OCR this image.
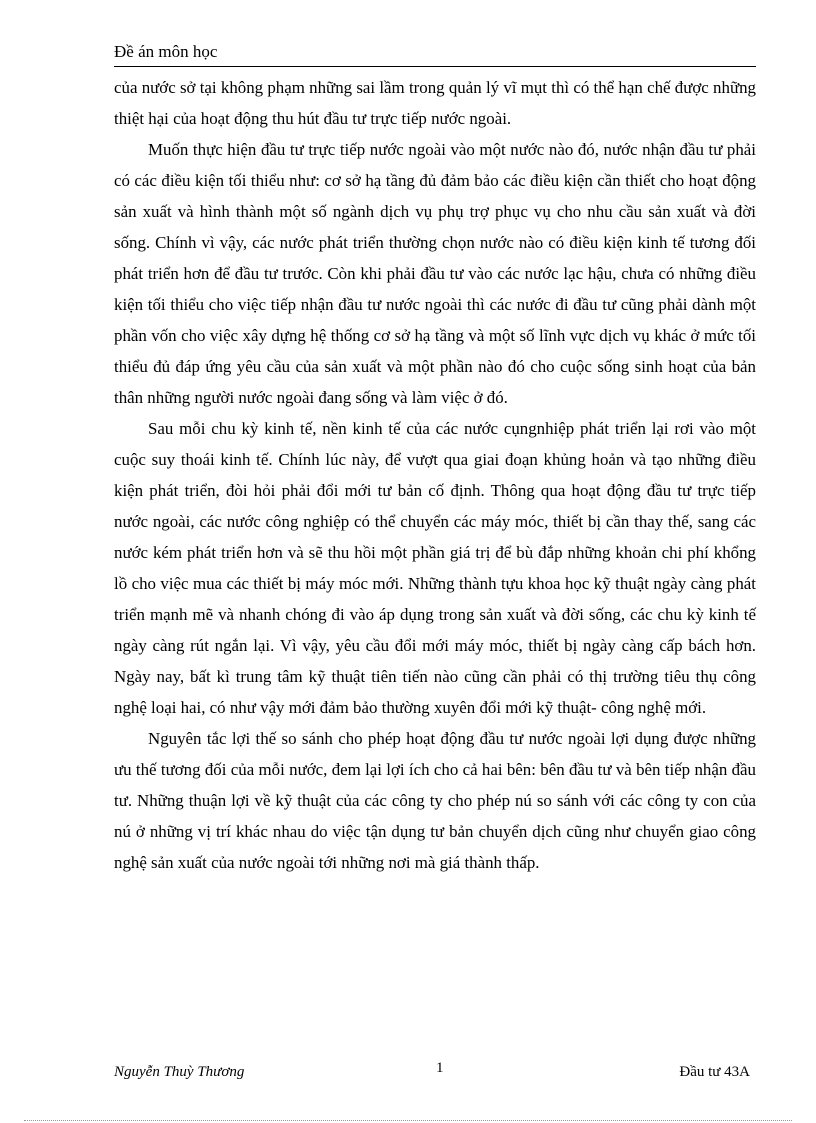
Đề án môn học

của nước sở tại không phạm những sai lầm trong quản lý vĩ mụt thì có thể hạn chế được những thiệt hại của hoạt động thu hút đầu tư trực tiếp nước ngoài.

Muốn thực hiện đầu tư trực tiếp nước ngoài vào một nước nào đó, nước nhận đầu tư phải có các điều kiện tối thiểu như: cơ sở hạ tầng đủ đảm bảo các điều kiện cần thiết cho hoạt động sản xuất và hình thành một số ngành dịch vụ phụ trợ phục vụ cho nhu cầu sản xuất và đời sống. Chính vì vậy, các nước phát triển thường chọn nước nào có điều kiện kinh tế tương đối phát triển hơn để đầu tư trước. Còn khi phải đầu tư vào các nước lạc hậu, chưa có những điều kiện tối thiểu cho việc tiếp nhận đầu tư nước ngoài thì các nước đi đầu tư cũng phải dành một phần vốn cho việc xây dựng hệ thống cơ sở hạ tầng và một số lĩnh vực dịch vụ khác ở mức tối thiểu đủ đáp ứng yêu cầu của sản xuất và một phần nào đó cho cuộc sống sinh hoạt của bản thân những người nước ngoài đang sống và làm việc ở đó.

Sau mỗi chu kỳ kinh tế, nền kinh tế của các nước cụngnhiệp phát triển lại rơi vào một cuộc suy thoái kinh tế. Chính lúc này, để vượt qua giai đoạn khủng hoản và tạo những điều kiện phát triển, đòi hỏi phải đổi mới tư bản cố định. Thông qua hoạt động đầu tư trực tiếp nước ngoài, các nước công nghiệp có thể chuyển các máy móc, thiết bị cần thay thế, sang các nước kém phát triển hơn và sẽ thu hồi một phần giá trị để bù đắp những khoản chi phí khổng lồ cho việc mua các thiết bị máy móc mới. Những thành tựu khoa học kỹ thuật ngày càng phát triển mạnh mẽ và nhanh chóng đi vào áp dụng trong sản xuất và đời sống, các chu kỳ kinh tế ngày càng rút ngắn lại. Vì vậy, yêu cầu đổi mới máy móc, thiết bị ngày càng cấp bách hơn. Ngày nay, bất kì trung tâm kỹ thuật tiên tiến nào cũng cần phải có thị trường tiêu thụ công nghệ loại hai, có như vậy mới đảm bảo thường xuyên đổi mới kỹ thuật- công nghệ mới.

Nguyên tắc lợi thế so sánh cho phép hoạt động đầu tư nước ngoài lợi dụng được những ưu thế tương đối của mỗi nước, đem lại lợi ích cho cả hai bên: bên đầu tư và bên tiếp nhận đầu tư. Những thuận lợi về kỹ thuật của các công ty cho phép nú so sánh với các công ty con của nú ở những vị trí khác nhau do việc tận dụng tư bản chuyển dịch cũng như chuyển giao công nghệ sản xuất của nước ngoài tới những nơi mà giá thành thấp.

Nguyễn Thuỳ Thương	1	Đầu tư 43A
